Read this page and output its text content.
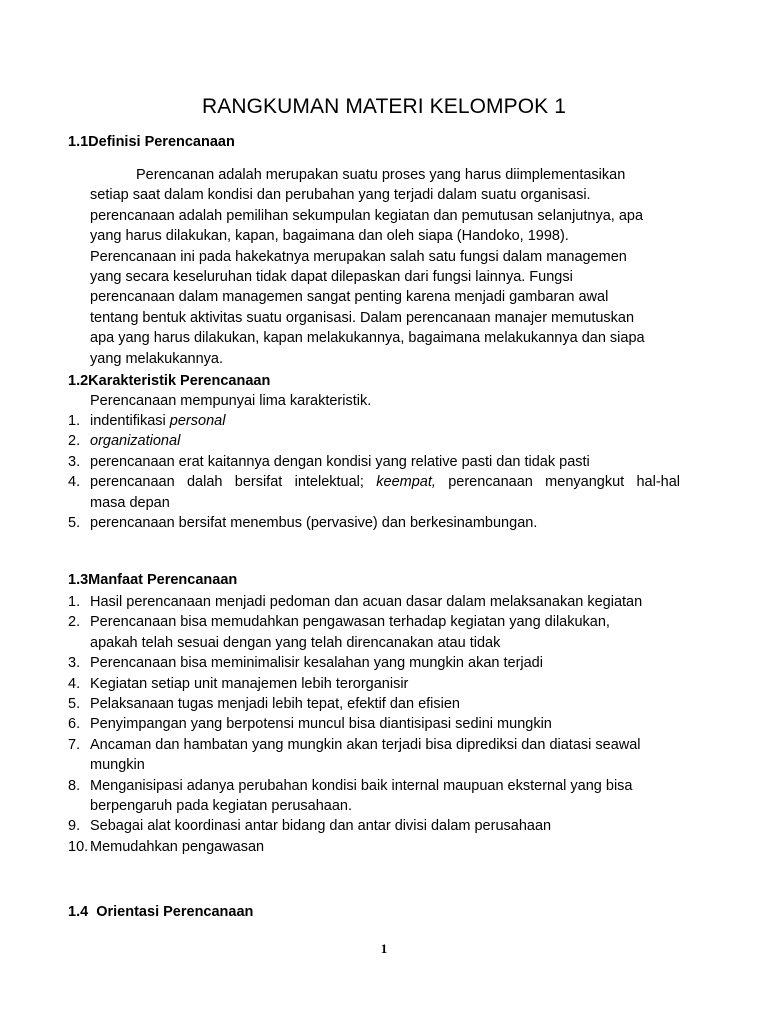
RANGKUMAN MATERI KELOMPOK 1
1.1Definisi Perencanaan
Perencanan adalah merupakan suatu proses yang harus diimplementasikan
setiap saat dalam kondisi dan perubahan yang terjadi dalam suatu organisasi.
perencanaan adalah pemilihan sekumpulan kegiatan dan pemutusan selanjutnya, apa
yang harus dilakukan, kapan, bagaimana dan oleh siapa (Handoko, 1998).
Perencanaan ini pada hakekatnya merupakan salah satu fungsi dalam managemen
yang secara keseluruhan tidak dapat dilepaskan dari fungsi lainnya. Fungsi
perencanaan dalam managemen sangat penting karena menjadi gambaran awal
tentang bentuk aktivitas suatu organisasi. Dalam perencanaan manajer memutuskan
apa yang harus dilakukan, kapan melakukannya, bagaimana melakukannya dan siapa
yang melakukannya.
1.2Karakteristik Perencanaan
Perencanaan mempunyai lima karakteristik.
1. indentifikasi personal
2. organizational
3. perencanaan erat kaitannya dengan kondisi yang relative pasti dan tidak pasti
4. perencanaan dalah bersifat intelektual; keempat, perencanaan menyangkut hal-hal
masa depan
5. perencanaan bersifat menembus (pervasive) dan berkesinambungan.
1.3Manfaat Perencanaan
1. Hasil perencanaan menjadi pedoman dan acuan dasar dalam melaksanakan kegiatan
2. Perencanaan bisa memudahkan pengawasan terhadap kegiatan yang dilakukan,
apakah telah sesuai dengan yang telah direncanakan atau tidak
3. Perencanaan bisa meminimalisir kesalahan yang mungkin akan terjadi
4. Kegiatan setiap unit manajemen lebih terorganisir
5. Pelaksanaan tugas menjadi lebih tepat, efektif dan efisien
6. Penyimpangan yang berpotensi muncul bisa diantisipasi sedini mungkin
7. Ancaman dan hambatan yang mungkin akan terjadi bisa diprediksi dan diatasi seawal
mungkin
8. Menganisipasi adanya perubahan kondisi baik internal maupuan eksternal yang bisa
berpengaruh pada kegiatan perusahaan.
9. Sebagai alat koordinasi antar bidang dan antar divisi dalam perusahaan
10. Memudahkan pengawasan
1.4 Orientasi Perencanaan
1
